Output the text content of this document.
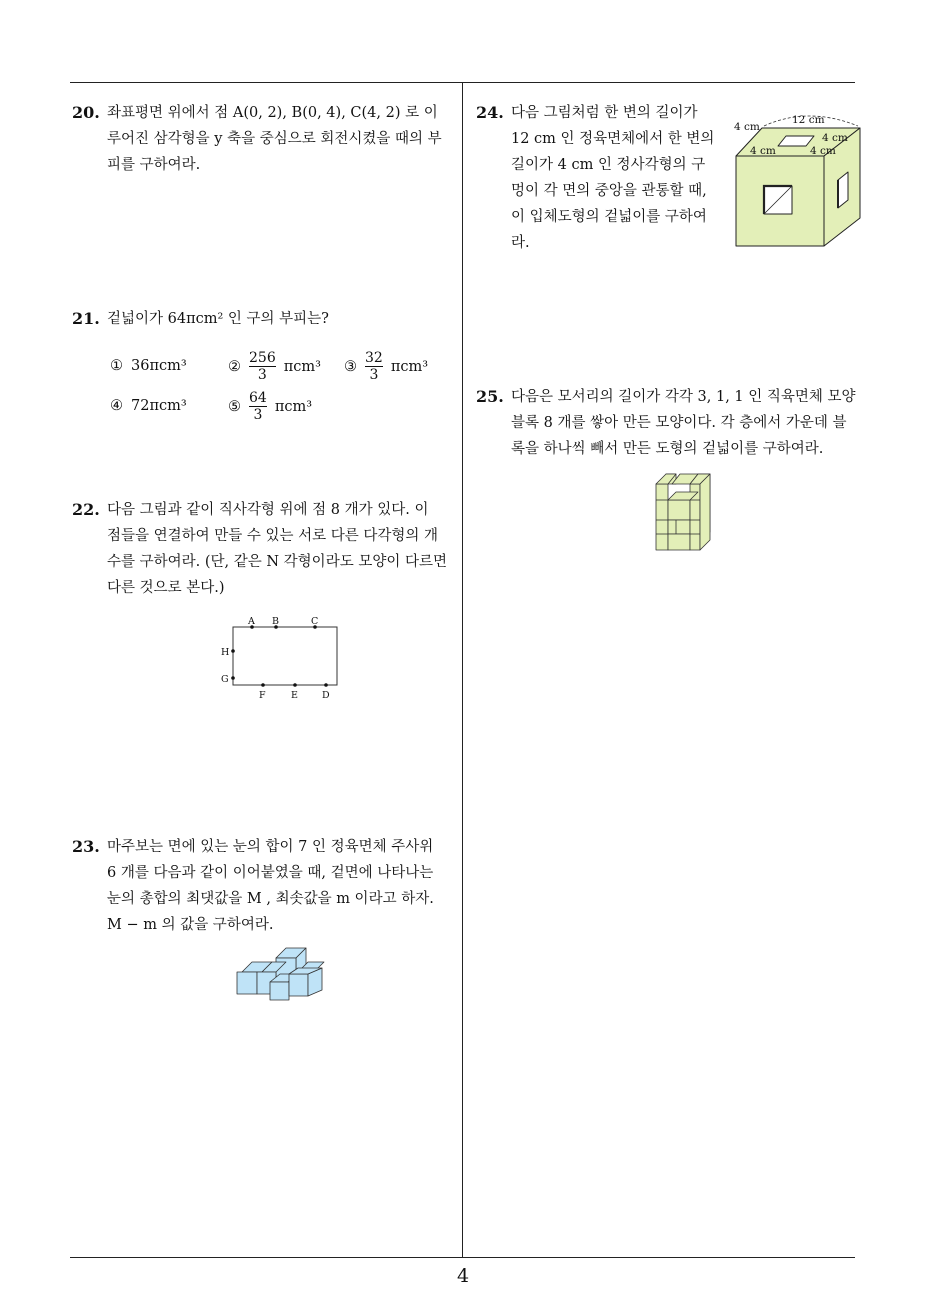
20. 좌표평면 위에서 점 A(0, 2), B(0, 4), C(4, 2) 로 이
루어진 삼각형을 y 축을 중심으로 회전시켰을 때의 부
피를 구하여라.
21. 겉넓이가 64πcm² 인 구의 부피는?
① 36πcm³	② $\frac{256}{3} \pi cm^3$ ③ $\frac{32}{3} \pi cm^3$
④ 72πcm³	⑤ $\frac{64}{3} \pi cm^3$
22. 다음 그림과 같이 직사각형 위에 점 8 개가 있다. 이
점들을 연결하여 만들 수 있는 서로 다른 다각형의 개
수를 구하여라. (단, 같은 N 각형이라도 모양이 다르면
다른 것으로 본다.)
A B	C
H
G
F	E	D
23. 마주보는 면에 있는 눈의 합이 7 인 정육면체 주사위
6 개를 다음과 같이 이어붙였을 때, 겉면에 나타나는
눈의 총합의 최댓값을 M , 최솟값을 m 이라고 하자.
M − m 의 값을 구하여라.
24. 다음 그림처럼 한 변의 길이가
12 cm 인 정육면체에서 한 변의
길이가 4 cm 인 정사각형의 구
멍이 각 면의 중앙을 관통할 때,
이 입체도형의 겉넓이를 구하여
라.
12 cm
4 cm
4 cm
4 cm	4 cm
25. 다음은 모서리의 길이가 각각 3, 1, 1 인 직육면체 모양
블록 8 개를 쌓아 만든 모양이다. 각 층에서 가운데 블
록을 하나씩 빼서 만든 도형의 겉넓이를 구하여라.
4
